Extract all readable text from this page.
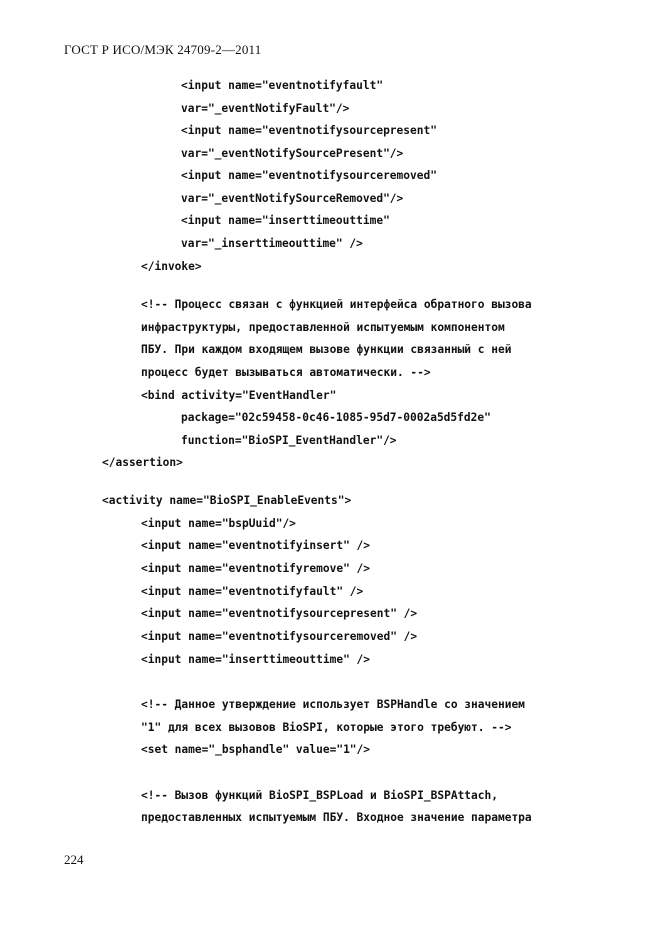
ГОСТ Р ИСО/МЭК 24709-2—2011

<input name="eventnotifyfault"

var="_eventNotifyFault"/>

<input name="eventnotifysourcepresent"

var="_eventNotifySourcePresent"/>

<input name="eventnotifysourceremoved"

var="_eventNotifySourceRemoved"/>

<input name="inserttimeouttime"

var="_inserttimeouttime" />

</invoke>

<!-- Процесс связан с функцией интерфейса обратного вызова

инфраструктуры, предоставленной испытуемым компонентом

ПБУ. При каждом входящем вызове функции связанный с ней

процесс будет вызываться автоматически. -->

<bind activity="EventHandler"

package="02c59458-0c46-1085-95d7-0002a5d5fd2e"

function="BioSPI_EventHandler"/>

</assertion>

<activity name="BioSPI_EnableEvents">

<input name="bspUuid"/>

<input name="eventnotifyinsert" />

<input name="eventnotifyremove" />

<input name="eventnotifyfault" />

<input name="eventnotifysourcepresent" />

<input name="eventnotifysourceremoved" />

<input name="inserttimeouttime" />

<!-- Данное утверждение использует BSPHandle со значением

"1" для всех вызовов BioSPI, которые этого требуют. -->

<set name="_bsphandle" value="1"/>

<!-- Вызов функций BioSPI_BSPLoad и BioSPI_BSPAttach,

предоставленных испытуемым ПБУ. Входное значение параметра

224
